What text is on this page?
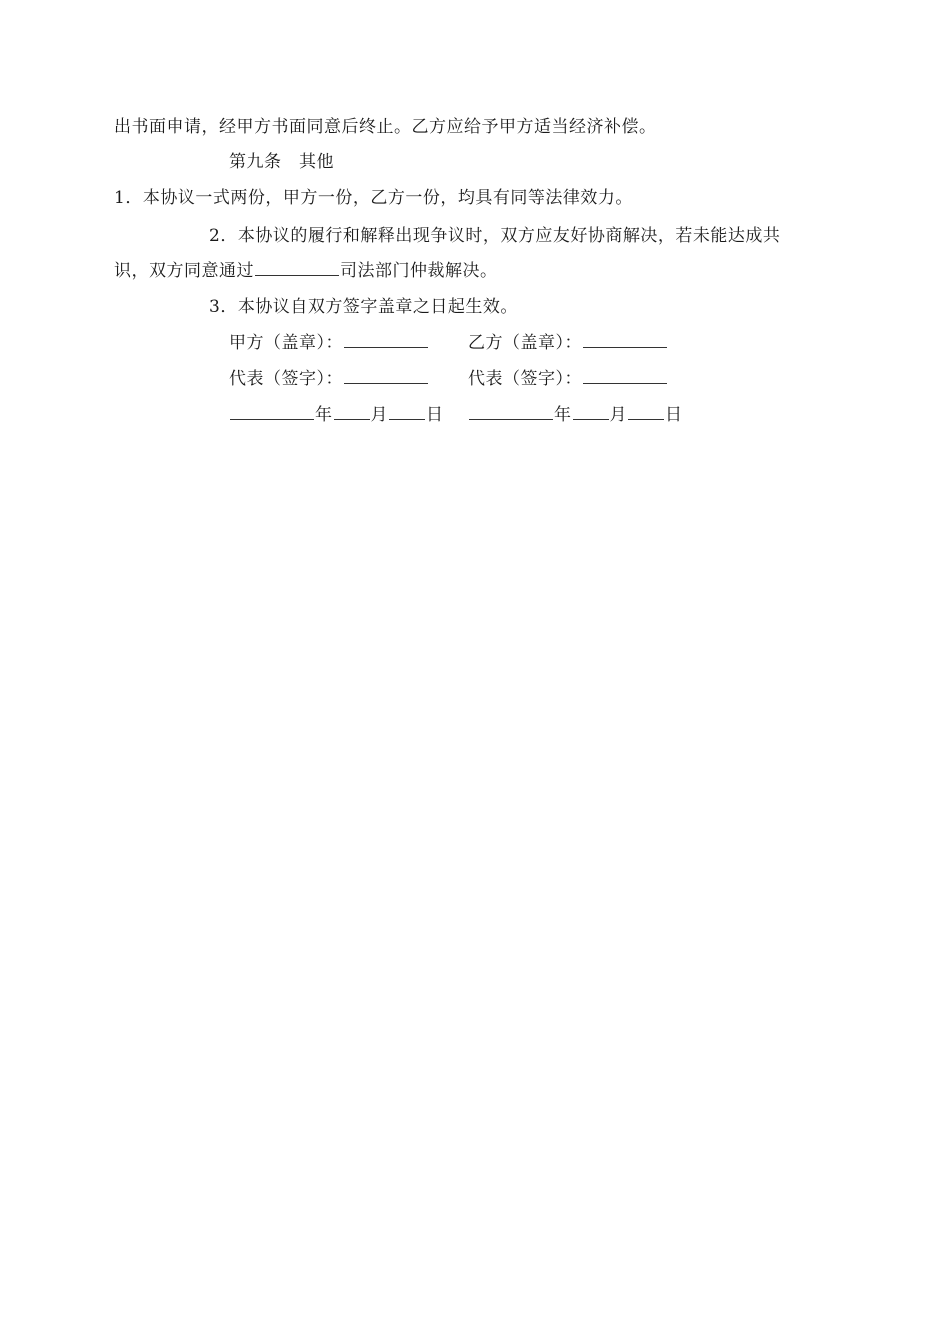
出书面申请，经甲方书面同意后终止。乙方应给予甲方适当经济补偿。
第九条　其他
1．本协议一式两份，甲方一份，乙方一份，均具有同等法律效力。
2．本协议的履行和解释出现争议时，双方应友好协商解决，若未能达成共
识，双方同意通过	司法部门仲裁解决。
3．本协议自双方签字盖章之日起生效。
甲方（盖章）：	乙方（盖章）：
代表（签字）：	代表（签字）：
年 月 日	年 月 日
